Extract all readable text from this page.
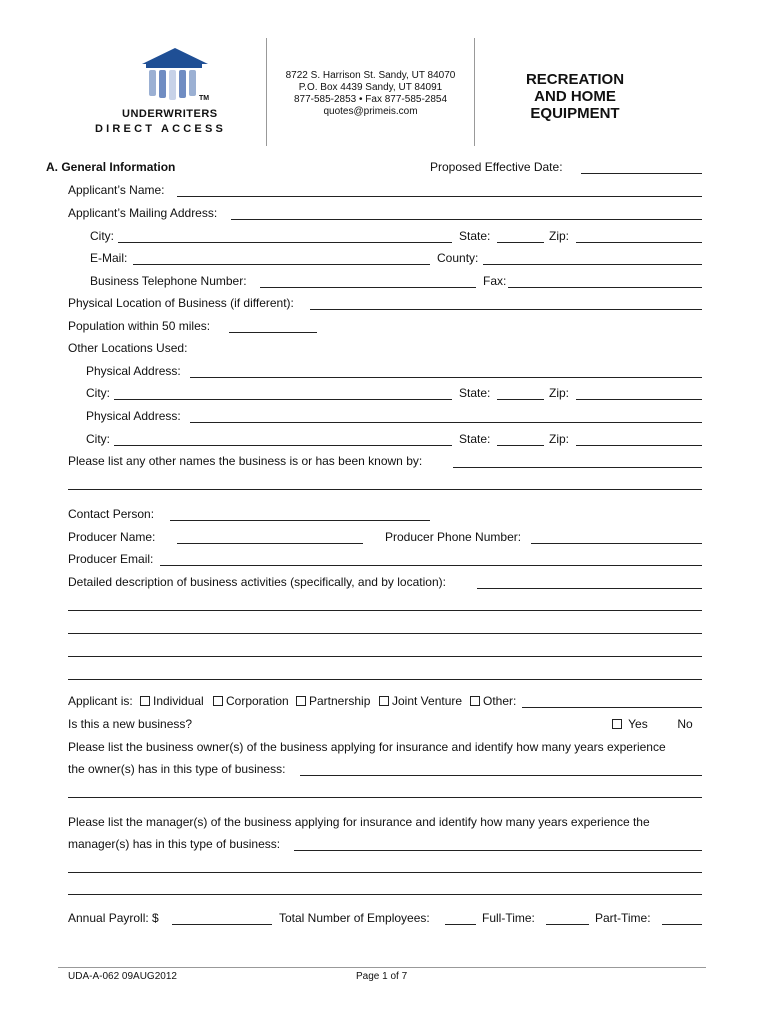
TM
UNDERWRITERS
DIRECT ACCESS
8722 S. Harrison St. Sandy, UT 84070
P.O. Box 4439 Sandy, UT 84091
877-585-2853 • Fax 877-585-2854
quotes@primeis.com
RECREATION
AND HOME
EQUIPMENT
A. General Information	Proposed Effective Date:
Applicant’s Name:
Applicant’s Mailing Address:
City:	State:	Zip:
E-Mail:	County:
Business Telephone Number:	Fax:
Physical Location of Business (if different):
Population within 50 miles:
Other Locations Used:
Physical Address:
City:	State:	Zip:
Physical Address:
City:	State:	Zip:
Please list any other names the business is or has been known by:
Contact Person:
Producer Name:	Producer Phone Number:
Producer Email:
Detailed description of business activities (specifically, and by location):
Applicant is:	Individual	Corporation	Partnership	Joint Venture	Other:
Is this a new business?	Yes	No
Please list the business owner(s) of the business applying for insurance and identify how many years experience
the owner(s) has in this type of business:
Please list the manager(s) of the business applying for insurance and identify how many years experience the
manager(s) has in this type of business:
Annual Payroll: $	Total Number of Employees:	Full-Time:	Part-Time:
UDA-A-062 09AUG2012	Page 1 of 7
